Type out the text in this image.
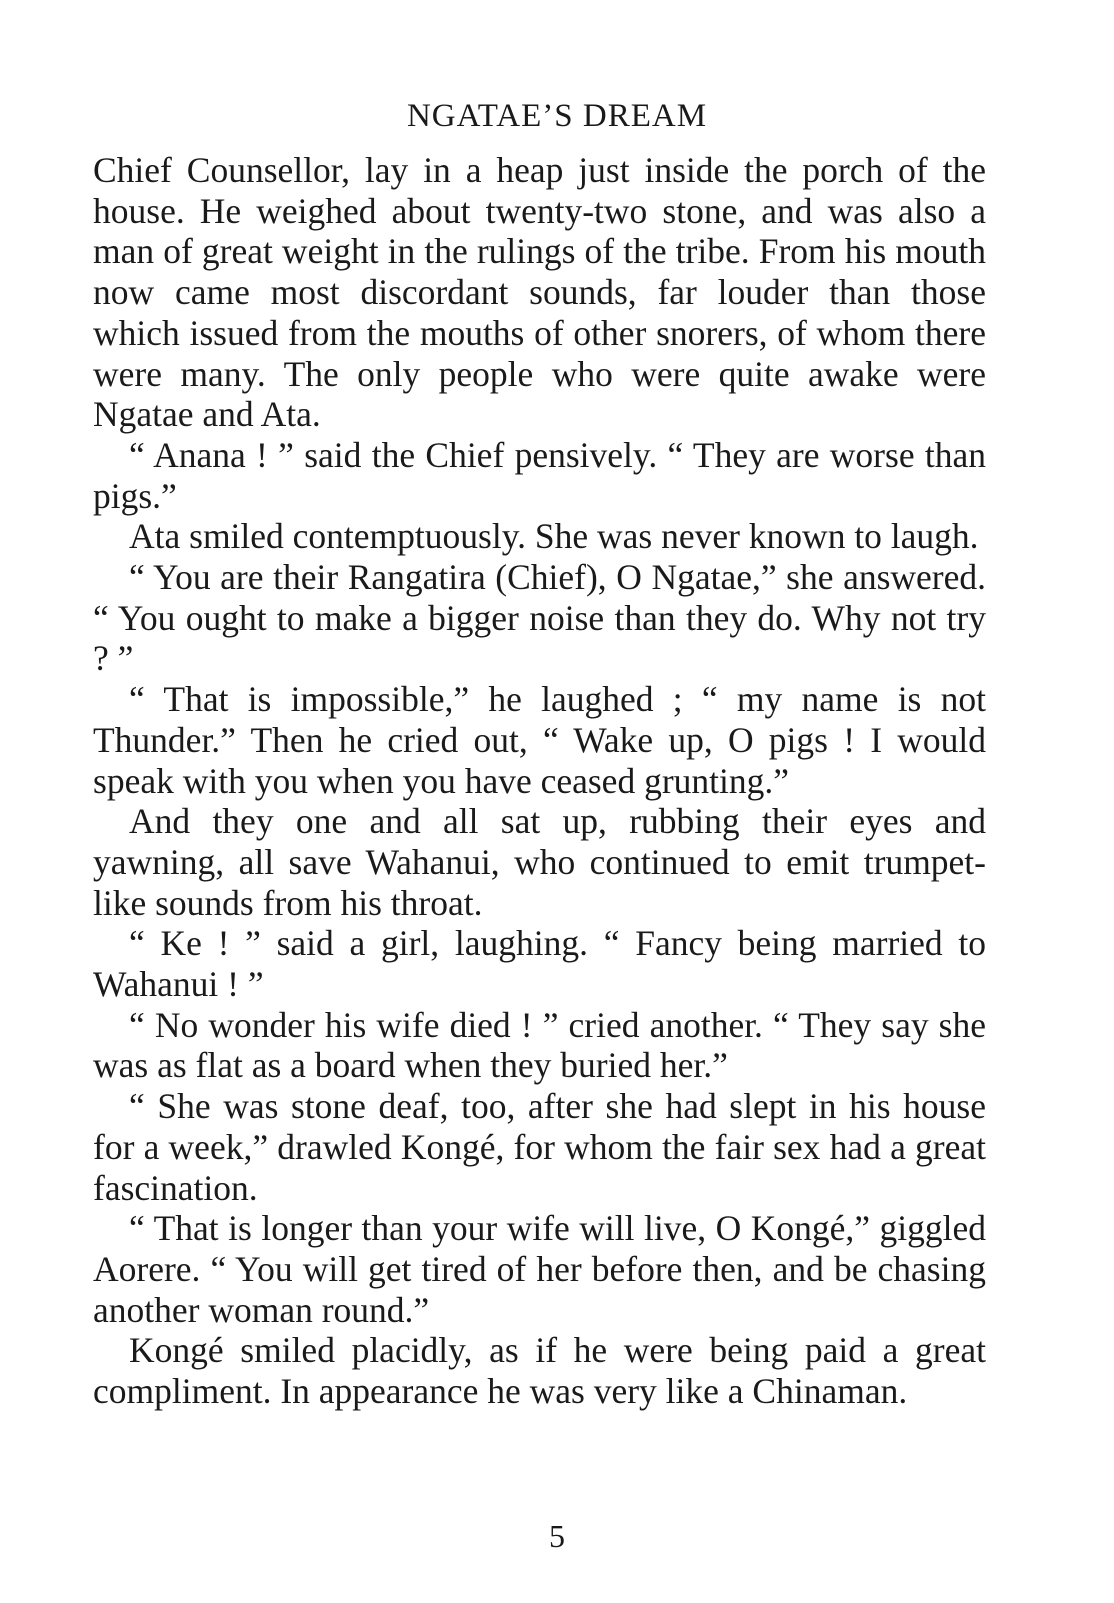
NGATAE’S DREAM

Chief Counsellor, lay in a heap just inside the porch of the house. He weighed about twenty-two stone, and was also a man of great weight in the rulings of the tribe. From his mouth now came most discordant sounds, far louder than those which issued from the mouths of other snorers, of whom there were many. The only people who were quite awake were Ngatae and Ata.

“ Anana ! ” said the Chief pensively. “ They are worse than pigs.”

Ata smiled contemptuously. She was never known to laugh.

“ You are their Rangatira (Chief), O Ngatae,” she answered. “ You ought to make a bigger noise than they do. Why not try ? ”

“ That is impossible,” he laughed ; “ my name is not Thunder.” Then he cried out, “ Wake up, O pigs ! I would speak with you when you have ceased grunting.”

And they one and all sat up, rubbing their eyes and yawning, all save Wahanui, who continued to emit trumpet-like sounds from his throat.

“ Ke ! ” said a girl, laughing. “ Fancy being married to Wahanui ! ”

“ No wonder his wife died ! ” cried another. “ They say she was as flat as a board when they buried her.”

“ She was stone deaf, too, after she had slept in his house for a week,” drawled Kongé, for whom the fair sex had a great fascination.

“ That is longer than your wife will live, O Kongé,” giggled Aorere. “ You will get tired of her before then, and be chasing another woman round.”

Kongé smiled placidly, as if he were being paid a great compliment. In appearance he was very like a Chinaman.

5
